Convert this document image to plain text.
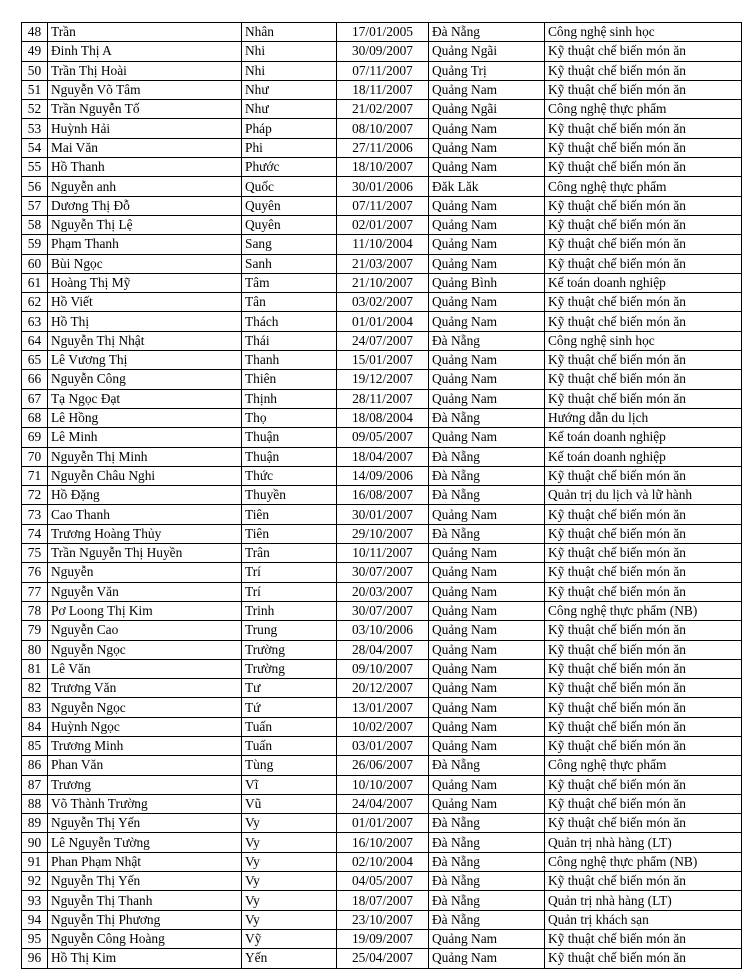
48	Trần	Nhân	17/01/2005	Đà Nẵng	Công nghệ sinh học
49	Đinh Thị A	Nhi	30/09/2007	Quảng Ngãi	Kỹ thuật chế biến món ăn
50	Trần Thị Hoài	Nhi	07/11/2007	Quảng Trị	Kỹ thuật chế biến món ăn
51	Nguyễn Võ Tâm	Như	18/11/2007	Quảng Nam	Kỹ thuật chế biến món ăn
52	Trần Nguyễn Tố	Như	21/02/2007	Quảng Ngãi	Công nghệ thực phẩm
53	Huỳnh Hải	Pháp	08/10/2007	Quảng Nam	Kỹ thuật chế biến món ăn
54	Mai Văn	Phi	27/11/2006	Quảng Nam	Kỹ thuật chế biến món ăn
55	Hồ Thanh	Phước	18/10/2007	Quảng Nam	Kỹ thuật chế biến món ăn
56	Nguyễn anh	Quốc	30/01/2006	Đăk Lăk	Công nghệ thực phẩm
57	Dương Thị Đỗ	Quyên	07/11/2007	Quảng Nam	Kỹ thuật chế biến món ăn
58	Nguyễn Thị Lệ	Quyên	02/01/2007	Quảng Nam	Kỹ thuật chế biến món ăn
59	Phạm Thanh	Sang	11/10/2004	Quảng Nam	Kỹ thuật chế biến món ăn
60	Bùi Ngọc	Sanh	21/03/2007	Quảng Nam	Kỹ thuật chế biến món ăn
61	Hoàng Thị Mỹ	Tâm	21/10/2007	Quảng Bình	Kế toán doanh nghiệp
62	Hồ Viết	Tân	03/02/2007	Quảng Nam	Kỹ thuật chế biến món ăn
63	Hồ Thị	Thách	01/01/2004	Quảng Nam	Kỹ thuật chế biến món ăn
64	Nguyễn Thị Nhật	Thái	24/07/2007	Đà Nẵng	Công nghệ sinh học
65	Lê Vương Thị	Thanh	15/01/2007	Quảng Nam	Kỹ thuật chế biến món ăn
66	Nguyễn Công	Thiên	19/12/2007	Quảng Nam	Kỹ thuật chế biến món ăn
67	Tạ Ngọc Đạt	Thịnh	28/11/2007	Quảng Nam	Kỹ thuật chế biến món ăn
68	Lê Hồng	Thọ	18/08/2004	Đà Nẵng	Hướng dẫn du lịch
69	Lê Minh	Thuận	09/05/2007	Quảng Nam	Kế toán doanh nghiệp
70	Nguyễn Thị Minh	Thuận	18/04/2007	Đà Nẵng	Kế toán doanh nghiệp
71	Nguyễn Châu Nghi	Thức	14/09/2006	Đà Nẵng	Kỹ thuật chế biến món ăn
72	Hồ Đặng	Thuyền	16/08/2007	Đà Nẵng	Quản trị du lịch và lữ hành
73	Cao Thanh	Tiên	30/01/2007	Quảng Nam	Kỹ thuật chế biến món ăn
74	Trương Hoàng Thủy	Tiên	29/10/2007	Đà Nẵng	Kỹ thuật chế biến món ăn
75	Trần Nguyễn Thị Huyền	Trân	10/11/2007	Quảng Nam	Kỹ thuật chế biến món ăn
76	Nguyễn	Trí	30/07/2007	Quảng Nam	Kỹ thuật chế biến món ăn
77	Nguyễn Văn	Trí	20/03/2007	Quảng Nam	Kỹ thuật chế biến món ăn
78	Pơ Loong Thị Kim	Trinh	30/07/2007	Quảng Nam	Công nghệ thực phẩm (NB)
79	Nguyễn Cao	Trung	03/10/2006	Quảng Nam	Kỹ thuật chế biến món ăn
80	Nguyễn Ngọc	Trường	28/04/2007	Quảng Nam	Kỹ thuật chế biến món ăn
81	Lê Văn	Trường	09/10/2007	Quảng Nam	Kỹ thuật chế biến món ăn
82	Trương Văn	Tư	20/12/2007	Quảng Nam	Kỹ thuật chế biến món ăn
83	Nguyễn Ngọc	Tứ	13/01/2007	Quảng Nam	Kỹ thuật chế biến món ăn
84	Huỳnh Ngọc	Tuấn	10/02/2007	Quảng Nam	Kỹ thuật chế biến món ăn
85	Trương Minh	Tuấn	03/01/2007	Quảng Nam	Kỹ thuật chế biến món ăn
86	Phan Văn	Tùng	26/06/2007	Đà Nẵng	Công nghệ thực phẩm
87	Trương	Vĩ	10/10/2007	Quảng Nam	Kỹ thuật chế biến món ăn
88	Võ Thành Trường	Vũ	24/04/2007	Quảng Nam	Kỹ thuật chế biến món ăn
89	Nguyễn Thị Yến	Vy	01/01/2007	Đà Nẵng	Kỹ thuật chế biến món ăn
90	Lê Nguyễn Tường	Vy	16/10/2007	Đà Nẵng	Quản trị nhà hàng (LT)
91	Phan Phạm Nhật	Vy	02/10/2004	Đà Nẵng	Công nghệ thực phẩm (NB)
92	Nguyễn Thị Yến	Vy	04/05/2007	Đà Nẵng	Kỹ thuật chế biến món ăn
93	Nguyễn Thị Thanh	Vy	18/07/2007	Đà Nẵng	Quản trị nhà hàng (LT)
94	Nguyễn Thị Phương	Vy	23/10/2007	Đà Nẵng	Quản trị khách sạn
95	Nguyễn Công Hoàng	Vỹ	19/09/2007	Quảng Nam	Kỹ thuật chế biến món ăn
96	Hồ Thị Kim	Yến	25/04/2007	Quảng Nam	Kỹ thuật chế biến món ăn
